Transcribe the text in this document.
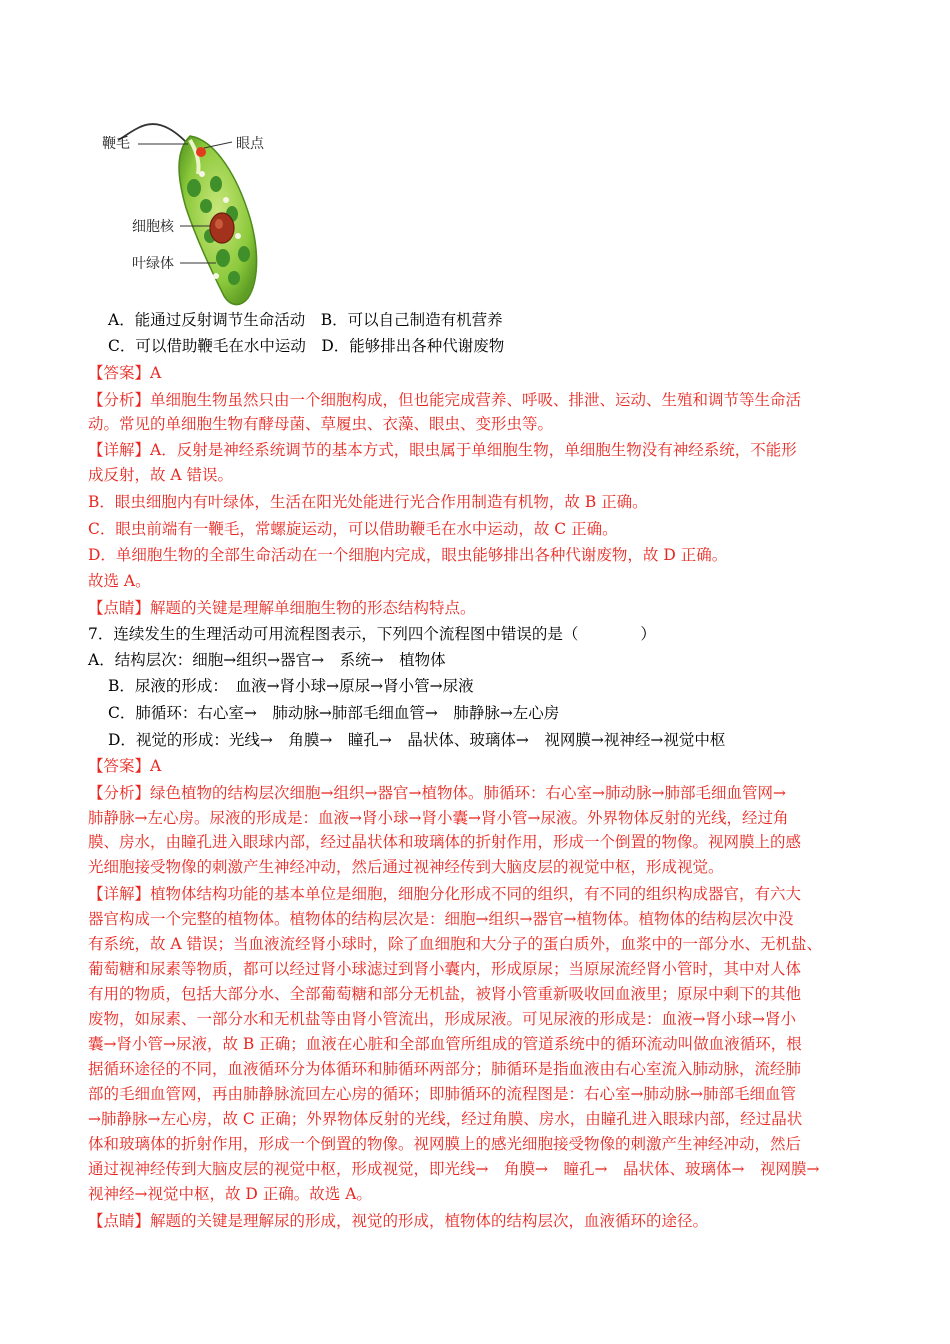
鞭毛	眼点
细胞核
叶绿体
A．能通过反射调节生命活动　B．可以自己制造有机营养
C．可以借助鞭毛在水中运动　D．能够排出各种代谢废物
【答案】A
【分析】单细胞生物虽然只由一个细胞构成，但也能完成营养、呼吸、排泄、运动、生殖和调节等生命活
动。常见的单细胞生物有酵母菌、草履虫、衣藻、眼虫、变形虫等。
【详解】A．反射是神经系统调节的基本方式，眼虫属于单细胞生物，单细胞生物没有神经系统，不能形
成反射，故 A 错误。
B．眼虫细胞内有叶绿体，生活在阳光处能进行光合作用制造有机物，故 B 正确。
C．眼虫前端有一鞭毛，常螺旋运动，可以借助鞭毛在水中运动，故 C 正确。
D．单细胞生物的全部生命活动在一个细胞内完成，眼虫能够排出各种代谢废物，故 D 正确。
故选 A。
【点睛】解题的关键是理解单细胞生物的形态结构特点。
7．连续发生的生理活动可用流程图表示，下列四个流程图中错误的是（　　　　）
A．结构层次：细胞→组织→器官→　系统→　植物体
B．尿液的形成：　血液→肾小球→原尿→肾小管→尿液
C．肺循环：右心室→　肺动脉→肺部毛细血管→　肺静脉→左心房
D．视觉的形成：光线→　角膜→　瞳孔→　晶状体、玻璃体→　视网膜→视神经→视觉中枢
【答案】A
【分析】绿色植物的结构层次细胞→组织→器官→植物体。肺循环：右心室→肺动脉→肺部毛细血管网→
肺静脉→左心房。尿液的形成是：血液→肾小球→肾小囊→肾小管→尿液。外界物体反射的光线，经过角
膜、房水，由瞳孔进入眼球内部，经过晶状体和玻璃体的折射作用，形成一个倒置的物像。视网膜上的感
光细胞接受物像的刺激产生神经冲动，然后通过视神经传到大脑皮层的视觉中枢，形成视觉。
【详解】植物体结构功能的基本单位是细胞，细胞分化形成不同的组织，有不同的组织构成器官，有六大
器官构成一个完整的植物体。植物体的结构层次是：细胞→组织→器官→植物体。植物体的结构层次中没
有系统，故 A 错误；当血液流经肾小球时，除了血细胞和大分子的蛋白质外，血浆中的一部分水、无机盐、
葡萄糖和尿素等物质，都可以经过肾小球滤过到肾小囊内，形成原尿；当原尿流经肾小管时，其中对人体
有用的物质，包括大部分水、全部葡萄糖和部分无机盐，被肾小管重新吸收回血液里；原尿中剩下的其他
废物，如尿素、一部分水和无机盐等由肾小管流出，形成尿液。可见尿液的形成是：血液→肾小球→肾小
囊→肾小管→尿液，故 B 正确；血液在心脏和全部血管所组成的管道系统中的循环流动叫做血液循环，根
据循环途径的不同，血液循环分为体循环和肺循环两部分；肺循环是指血液由右心室流入肺动脉，流经肺
部的毛细血管网，再由肺静脉流回左心房的循环；即肺循环的流程图是：右心室→肺动脉→肺部毛细血管
→肺静脉→左心房，故 C 正确；外界物体反射的光线，经过角膜、房水，由瞳孔进入眼球内部，经过晶状
体和玻璃体的折射作用，形成一个倒置的物像。视网膜上的感光细胞接受物像的刺激产生神经冲动，然后
通过视神经传到大脑皮层的视觉中枢，形成视觉，即光线→　角膜→　瞳孔→　晶状体、玻璃体→　视网膜→
视神经→视觉中枢，故 D 正确。故选 A。
【点睛】解题的关键是理解尿的形成，视觉的形成，植物体的结构层次，血液循环的途径。
